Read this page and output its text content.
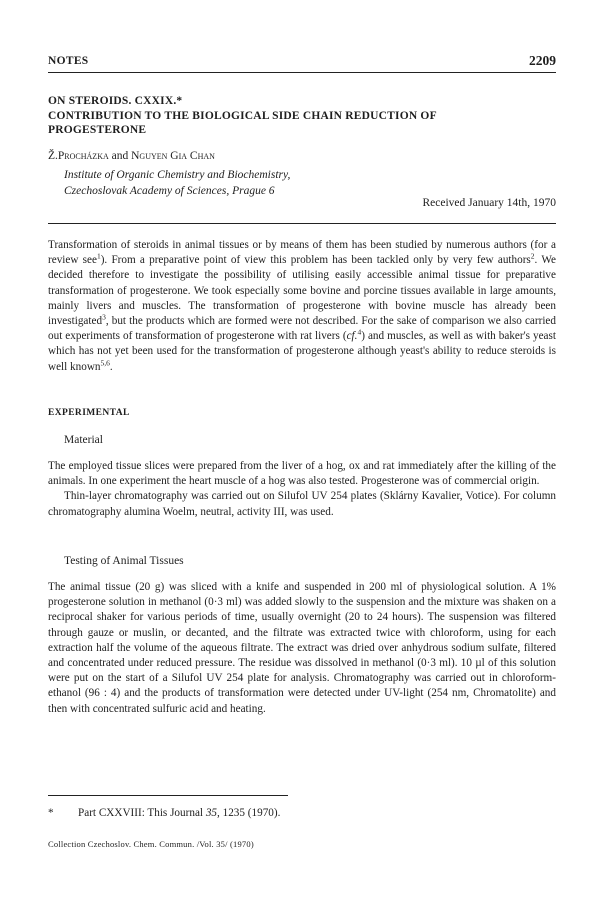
NOTES	2209
ON STEROIDS. CXXIX.*
CONTRIBUTION TO THE BIOLOGICAL SIDE CHAIN REDUCTION OF PROGESTERONE
Ž.Procházka and Nguyen Gia Chan
Institute of Organic Chemistry and Biochemistry,
Czechoslovak Academy of Sciences, Prague 6
Received January 14th, 1970

Transformation of steroids in animal tissues or by means of them has been studied by numerous authors (for a review see$^1$). From a preparative point of view this problem has been tackled only by very few authors$^2$. We decided therefore to investigate the possibility of utilising easily accessible animal tissue for preparative transformation of progesterone. We took especially some bovine and porcine tissues available in large amounts, mainly livers and muscles. The transformation of progesterone with bovine muscle has already been investigated$^3$, but the products which are formed were not described. For the sake of comparison we also carried out experiments of transformation of progesterone with rat livers (cf.$^4$) and muscles, as well as with baker's yeast which has not yet been used for the transformation of progesterone although yeast's ability to reduce steroids is well known$^{5,6}$.

EXPERIMENTAL
Material

The employed tissue slices were prepared from the liver of a hog, ox and rat immediately after the killing of the animals. In one experiment the heart muscle of a hog was also tested. Progesterone was of commercial origin.

Thin-layer chromatography was carried out on Silufol UV 254 plates (Sklárny Kavalier, Votice). For column chromatography alumina Woelm, neutral, activity III, was used.

Testing of Animal Tissues

The animal tissue (20 g) was sliced with a knife and suspended in 200 ml of physiological solution. A 1% progesterone solution in methanol (0·3 ml) was added slowly to the suspension and the mixture was shaken on a reciprocal shaker for various periods of time, usually overnight (20 to 24 hours). The suspension was filtered through gauze or muslin, or decanted, and the filtrate was extracted twice with chloroform, using for each extraction half the volume of the aqueous filtrate. The extract was dried over anhydrous sodium sulfate, filtered and concentrated under reduced pressure. The residue was dissolved in methanol (0·3 ml). 10 µl of this solution were put on the start of a Silufol UV 254 plate for analysis. Chromatography was carried out in chloroform-ethanol (96 : 4) and the products of transformation were detected under UV-light (254 nm, Chromatolite) and then with concentrated sulfuric acid and heating.

* Part CXXVIII: This Journal 35, 1235 (1970).
Collection Czechoslov. Chem. Commun. /Vol. 35/ (1970)
